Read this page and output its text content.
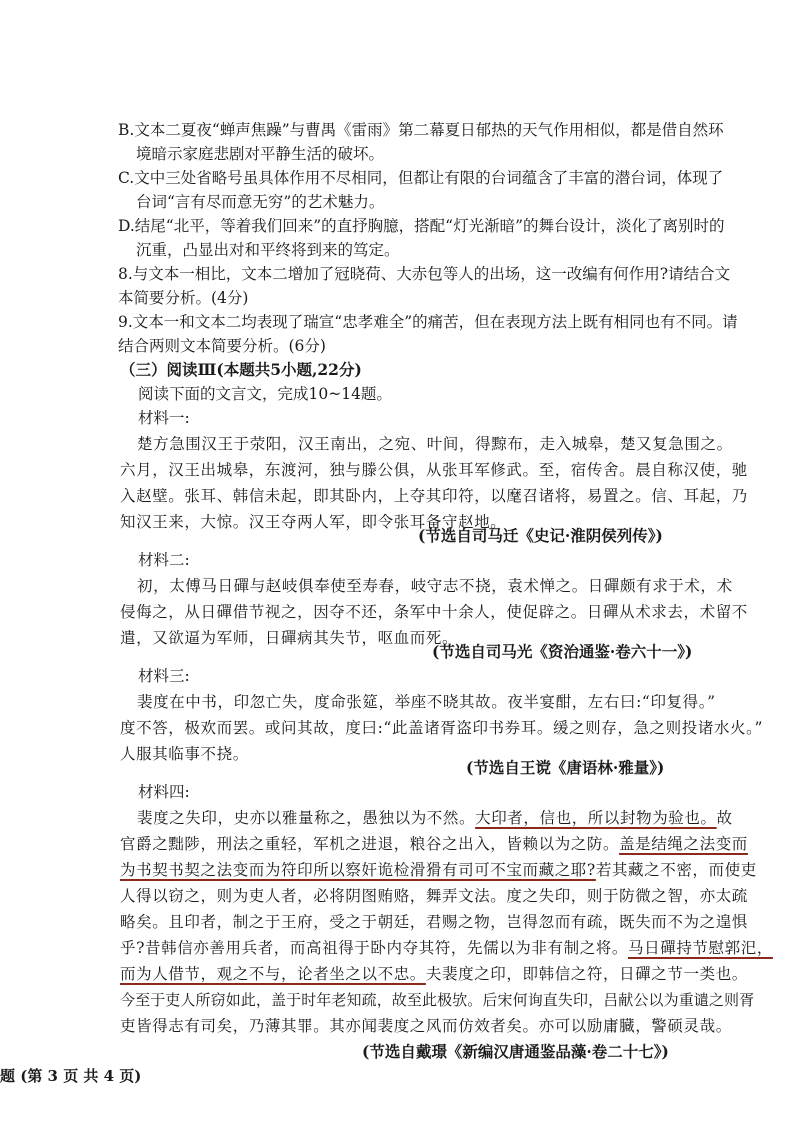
B.文本二夏夜“蝉声焦躁”与曹禺《雷雨》第二幕夏日郁热的天气作用相似，都是借自然环
境暗示家庭悲剧对平静生活的破坏。
C.文中三处省略号虽具体作用不尽相同，但都让有限的台词蕴含了丰富的潜台词，体现了
台词“言有尽而意无穷”的艺术魅力。
D.结尾“北平，等着我们回来”的直抒胸臆，搭配“灯光渐暗”的舞台设计，淡化了离别时的
沉重，凸显出对和平终将到来的笃定。
8.与文本一相比，文本二增加了冠晓荷、大赤包等人的出场，这一改编有何作用?请结合文
本简要分析。(4分)
9.文本一和文本二均表现了瑞宣“忠孝难全”的痛苦，但在表现方法上既有相同也有不同。请
结合两则文本简要分析。(6分)
（三）阅读Ⅲ(本题共5小题,22分)
阅读下面的文言文，完成10~14题。
材料一:
楚方急围汉王于荥阳，汉王南出，之宛、叶间，得黥布，走入城皋，楚又复急围之。
六月，汉王出城皋，东渡河，独与滕公俱，从张耳军修武。至，宿传舍。晨自称汉使，驰
入赵壁。张耳、韩信未起，即其卧内，上夺其印符，以麾召诸将，易置之。信、耳起，乃
知汉王来，大惊。汉王夺两人军，即令张耳备守赵地。
(节选自司马迁《史记·淮阴侯列传》)
材料二:
初，太傅马日磾与赵岐俱奉使至寿春，岐守志不挠，袁术惮之。日磾颇有求于术，术
侵侮之，从日磾借节视之，因夺不还，条军中十余人，使促辟之。日磾从术求去，术留不
遣，又欲逼为军师，日磾病其失节，呕血而死。
(节选自司马光《资治通鉴·卷六十一》)
材料三:
裴度在中书，印忽亡失，度命张筵，举座不晓其故。夜半宴酣，左右曰:“印复得。”
度不答，极欢而罢。或问其故，度曰:“此盖诸胥盗印书券耳。缓之则存，急之则投诸水火。”
人服其临事不挠。
(节选自王谠《唐语林·雅量》)
材料四:
裴度之失印，史亦以雅量称之，愚独以为不然。大印者，信也，所以封物为验也。故
官爵之黜陟，刑法之重轻，军机之进退，粮谷之出入，皆赖以为之防。盖是结绳之法变而
为书契书契之法变而为符印所以察奸诡检滑猾有司可不宝而藏之耶?若其藏之不密，而使吏
人得以窃之，则为吏人者，必将阴图贿赂，舞弄文法。度之失印，则于防微之智，亦太疏
略矣。且印者，制之于王府，受之于朝廷，君赐之物，岂得忽而有疏，既失而不为之遑惧
乎?昔韩信亦善用兵者，而高祖得于卧内夺其符，先儒以为非有制之将。马日磾持节慰郭汜，
而为人借节，观之不与，论者坐之以不忠。夫裴度之印，即韩信之符，日磾之节一类也。
今至于吏人所窃如此，盖于时年老知疏，故至此极欤。后宋何询直失印，吕献公以为重谴之则胥
吏皆得志有司矣，乃薄其罪。其亦闻裴度之风而仿效者矣。亦可以励庸臓，警硕灵哉。
(节选自戴璟《新编汉唐通鉴品藻·卷二十七》)
题 (第 3 页 共 4 页)
